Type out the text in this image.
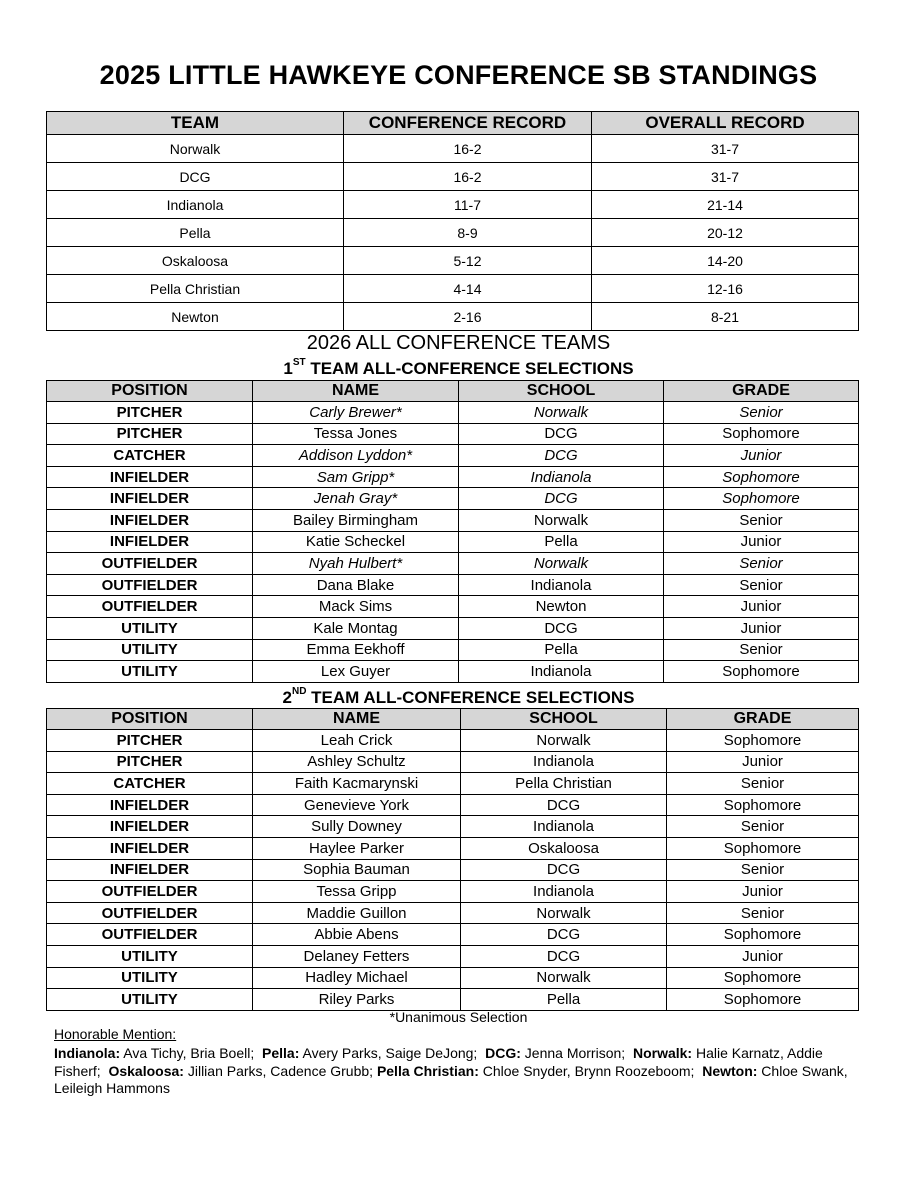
2025 LITTLE HAWKEYE CONFERENCE SB STANDINGS
TEAM	CONFERENCE RECORD	OVERALL RECORD
Norwalk	16-2	31-7
DCG	16-2	31-7
Indianola	11-7	21-14
Pella	8-9	20-12
Oskaloosa	5-12	14-20
Pella Christian	4-14	12-16
Newton	2-16	8-21
2026 ALL CONFERENCE TEAMS
1ST TEAM ALL-CONFERENCE SELECTIONS
POSITION	NAME	SCHOOL	GRADE
PITCHER	Carly Brewer*	Norwalk	Senior
PITCHER	Tessa Jones	DCG	Sophomore
CATCHER	Addison Lyddon*	DCG	Junior
INFIELDER	Sam Gripp*	Indianola	Sophomore
INFIELDER	Jenah Gray*	DCG	Sophomore
INFIELDER	Bailey Birmingham	Norwalk	Senior
INFIELDER	Katie Scheckel	Pella	Junior
OUTFIELDER	Nyah Hulbert*	Norwalk	Senior
OUTFIELDER	Dana Blake	Indianola	Senior
OUTFIELDER	Mack Sims	Newton	Junior
UTILITY	Kale Montag	DCG	Junior
UTILITY	Emma Eekhoff	Pella	Senior
UTILITY	Lex Guyer	Indianola	Sophomore
2ND TEAM ALL-CONFERENCE SELECTIONS
POSITION	NAME	SCHOOL	GRADE
PITCHER	Leah Crick	Norwalk	Sophomore
PITCHER	Ashley Schultz	Indianola	Junior
CATCHER	Faith Kacmarynski	Pella Christian	Senior
INFIELDER	Genevieve York	DCG	Sophomore
INFIELDER	Sully Downey	Indianola	Senior
INFIELDER	Haylee Parker	Oskaloosa	Sophomore
INFIELDER	Sophia Bauman	DCG	Senior
OUTFIELDER	Tessa Gripp	Indianola	Junior
OUTFIELDER	Maddie Guillon	Norwalk	Senior
OUTFIELDER	Abbie Abens	DCG	Sophomore
UTILITY	Delaney Fetters	DCG	Junior
UTILITY	Hadley Michael	Norwalk	Sophomore
UTILITY	Riley Parks	Pella	Sophomore
*Unanimous Selection
Honorable Mention:
Indianola: Ava Tichy, Bria Boell;  Pella: Avery Parks, Saige DeJong;  DCG: Jenna Morrison;  Norwalk: Halie Karnatz, Addie Fisherf;  Oskaloosa: Jillian Parks, Cadence Grubb; Pella Christian: Chloe Snyder, Brynn Roozeboom;  Newton: Chloe Swank, Leileigh Hammons
